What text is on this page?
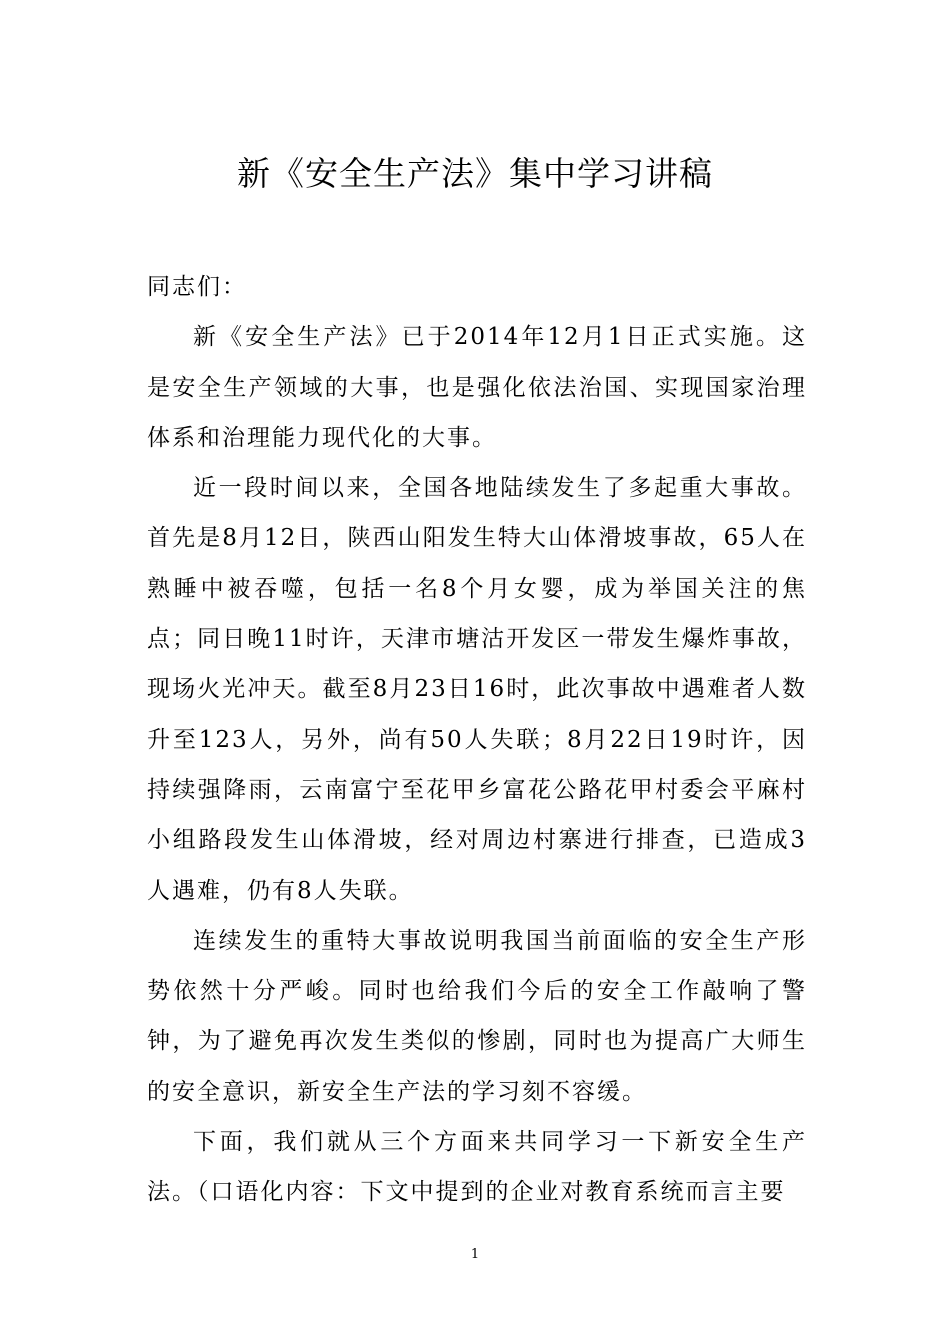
新《安全生产法》集中学习讲稿

同志们：

新《安全生产法》已于2014年12月1日正式实施。这是安全生产领域的大事，也是强化依法治国、实现国家治理体系和治理能力现代化的大事。

近一段时间以来，全国各地陆续发生了多起重大事故。首先是8月12日，陕西山阳发生特大山体滑坡事故，65人在熟睡中被吞噬，包括一名8个月女婴，成为举国关注的焦点；同日晚11时许，天津市塘沽开发区一带发生爆炸事故，现场火光冲天。截至8月23日16时，此次事故中遇难者人数升至123人，另外，尚有50人失联；8月22日19时许，因持续强降雨，云南富宁至花甲乡富花公路花甲村委会平麻村小组路段发生山体滑坡，经对周边村寨进行排查，已造成3人遇难，仍有8人失联。

连续发生的重特大事故说明我国当前面临的安全生产形势依然十分严峻。同时也给我们今后的安全工作敲响了警钟，为了避免再次发生类似的惨剧，同时也为提高广大师生的安全意识，新安全生产法的学习刻不容缓。

下面，我们就从三个方面来共同学习一下新安全生产法。（口语化内容：下文中提到的企业对教育系统而言主要

1
